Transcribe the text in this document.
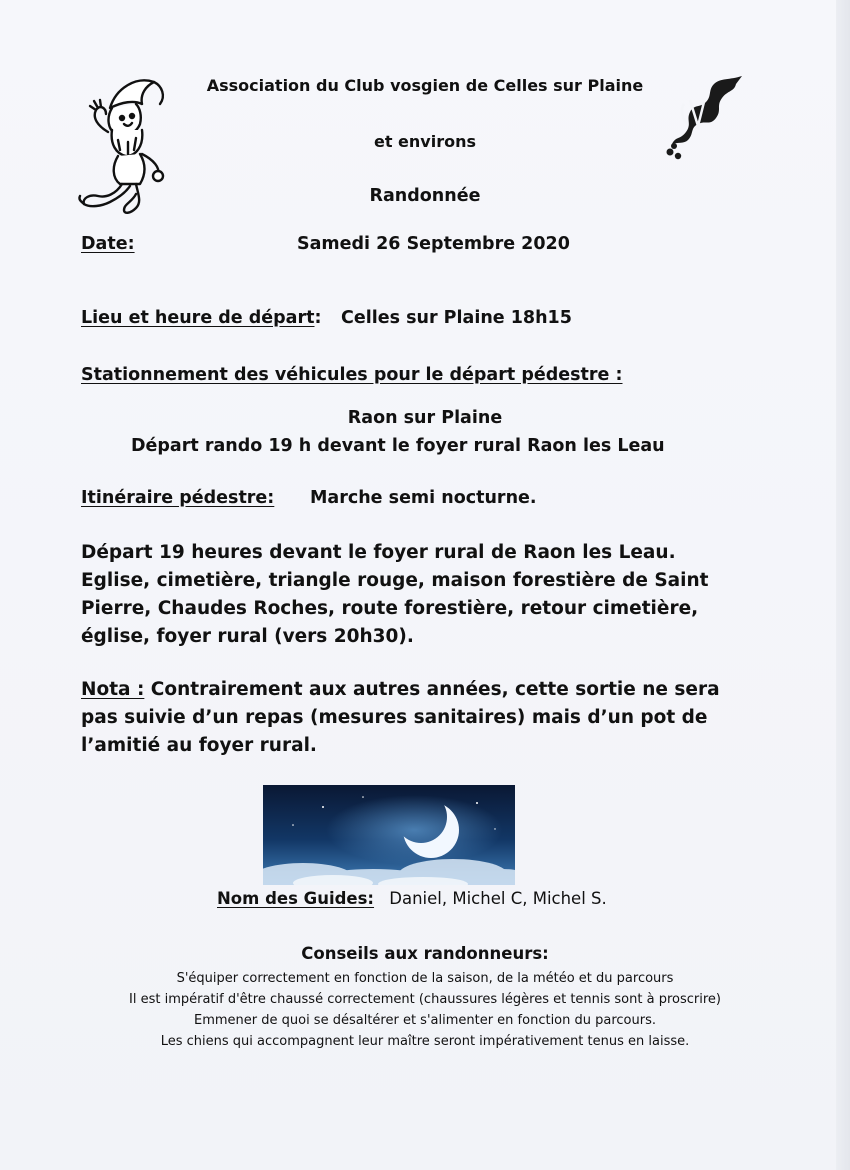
Association du Club vosgien de Celles sur Plaine
et environs
Randonnée
Date:	Samedi 26 Septembre 2020
Lieu et heure de départ: Celles sur Plaine 18h15
Stationnement des véhicules pour le départ pédestre :
Raon sur Plaine
Départ rando 19 h devant le foyer rural Raon les Leau
Itinéraire pédestre: Marche semi nocturne.
Départ 19 heures devant le foyer rural de Raon les Leau.
Eglise, cimetière, triangle rouge, maison forestière de Saint
Pierre, Chaudes Roches, route forestière, retour cimetière,
église, foyer rural (vers 20h30).
Nota : Contrairement aux autres années, cette sortie ne sera
pas suivie d’un repas (mesures sanitaires) mais d’un pot de
l’amitié au foyer rural.
Nom des Guides: Daniel, Michel C, Michel S.
Conseils aux randonneurs:
S'équiper correctement en fonction de la saison, de la météo et du parcours
Il est impératif d'être chaussé correctement (chaussures légères et tennis sont à proscrire)
Emmener de quoi se désaltérer et s'alimenter en fonction du parcours.
Les chiens qui accompagnent leur maître seront impérativement tenus en laisse.
